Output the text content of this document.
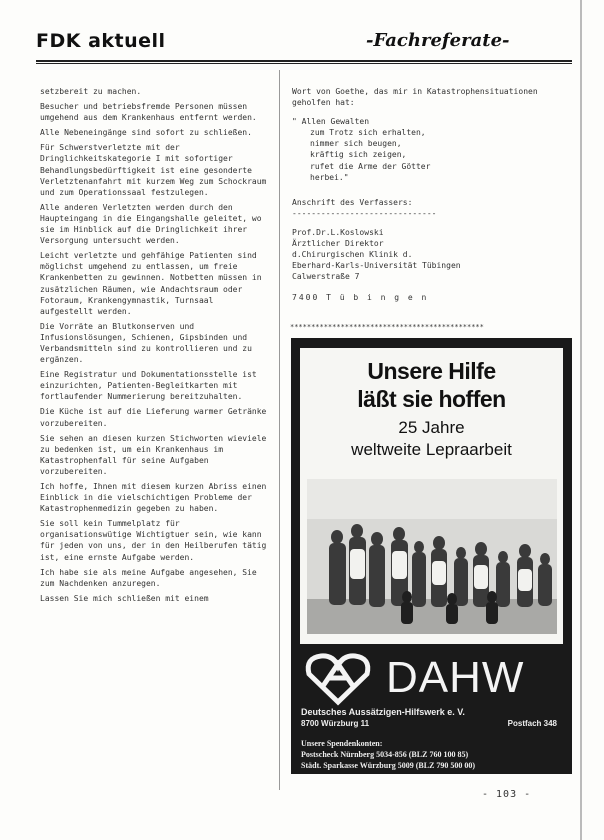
FDK aktuell	-Fachreferate-

setzbereit zu machen.

Besucher und betriebsfremde Personen müssen umgehend aus dem Krankenhaus entfernt werden.

Alle Nebeneingänge sind sofort zu schließen.

Für Schwerstverletzte mit der Dringlichkeitskategorie I mit sofortiger Behandlungsbedürftigkeit ist eine gesonderte Verletztenanfahrt mit kurzem Weg zum Schockraum und zum Operationssaal festzulegen.

Alle anderen Verletzten werden durch den Haupteingang in die Eingangshalle geleitet, wo sie im Hinblick auf die Dringlichkeit ihrer Versorgung untersucht werden.

Leicht verletzte und gehfähige Patienten sind möglichst umgehend zu entlassen, um freie Krankenbetten zu gewinnen. Notbetten müssen in zusätzlichen Räumen, wie Andachtsraum oder Fotoraum, Krankengymnastik, Turnsaal aufgestellt werden.

Die Vorräte an Blutkonserven und Infusionslösungen, Schienen, Gipsbinden und Verbandsmitteln sind zu kontrollieren und zu ergänzen.

Eine Registratur und Dokumentationsstelle ist einzurichten, Patienten-Begleitkarten mit fortlaufender Nummerierung bereitzuhalten.

Die Küche ist auf die Lieferung warmer Getränke vorzubereiten.

Sie sehen an diesen kurzen Stichworten wieviele zu bedenken ist, um ein Krankenhaus im Katastrophenfall für seine Aufgaben vorzubereiten.

Ich hoffe, Ihnen mit diesem kurzen Abriss einen Einblick in die vielschichtigen Probleme der Katastrophenmedizin gegeben zu haben.

Sie soll kein Tummelplatz für organisationswütige Wichtigtuer sein, wie kann für jeden von uns, der in den Heilberufen tätig ist, eine ernste Aufgabe werden.

Ich habe sie als meine Aufgabe angesehen, Sie zum Nachdenken anzuregen.

Lassen Sie mich schließen mit einem

Wort von Goethe, das mir in Katastrophensituationen geholfen hat:

" Allen Gewalten
zum Trotz sich erhalten,
nimmer sich beugen,
kräftig sich zeigen,
rufet die Arme der Götter
herbei."
Anschrift des Verfassers:
------------------------------
Prof.Dr.L.Koslowski
Ärztlicher Direktor
d.Chirurgischen Klinik d.
Eberhard-Karls-Universität Tübingen
Calwerstraße 7
7400 T ü b i n g e n
**********************************************
Unsere Hilfe
läßt sie hoffen
25 Jahre
weltweite Lepraarbeit
DAHW
Deutsches Aussätzigen-Hilfswerk e. V.
8700 Würzburg 11	Postfach 348
Unsere Spendenkonten:
Postscheck Nürnberg 5034-856 (BLZ 760 100 85)
Städt. Sparkasse Würzburg 5009 (BLZ 790 500 00)
- 103 -
